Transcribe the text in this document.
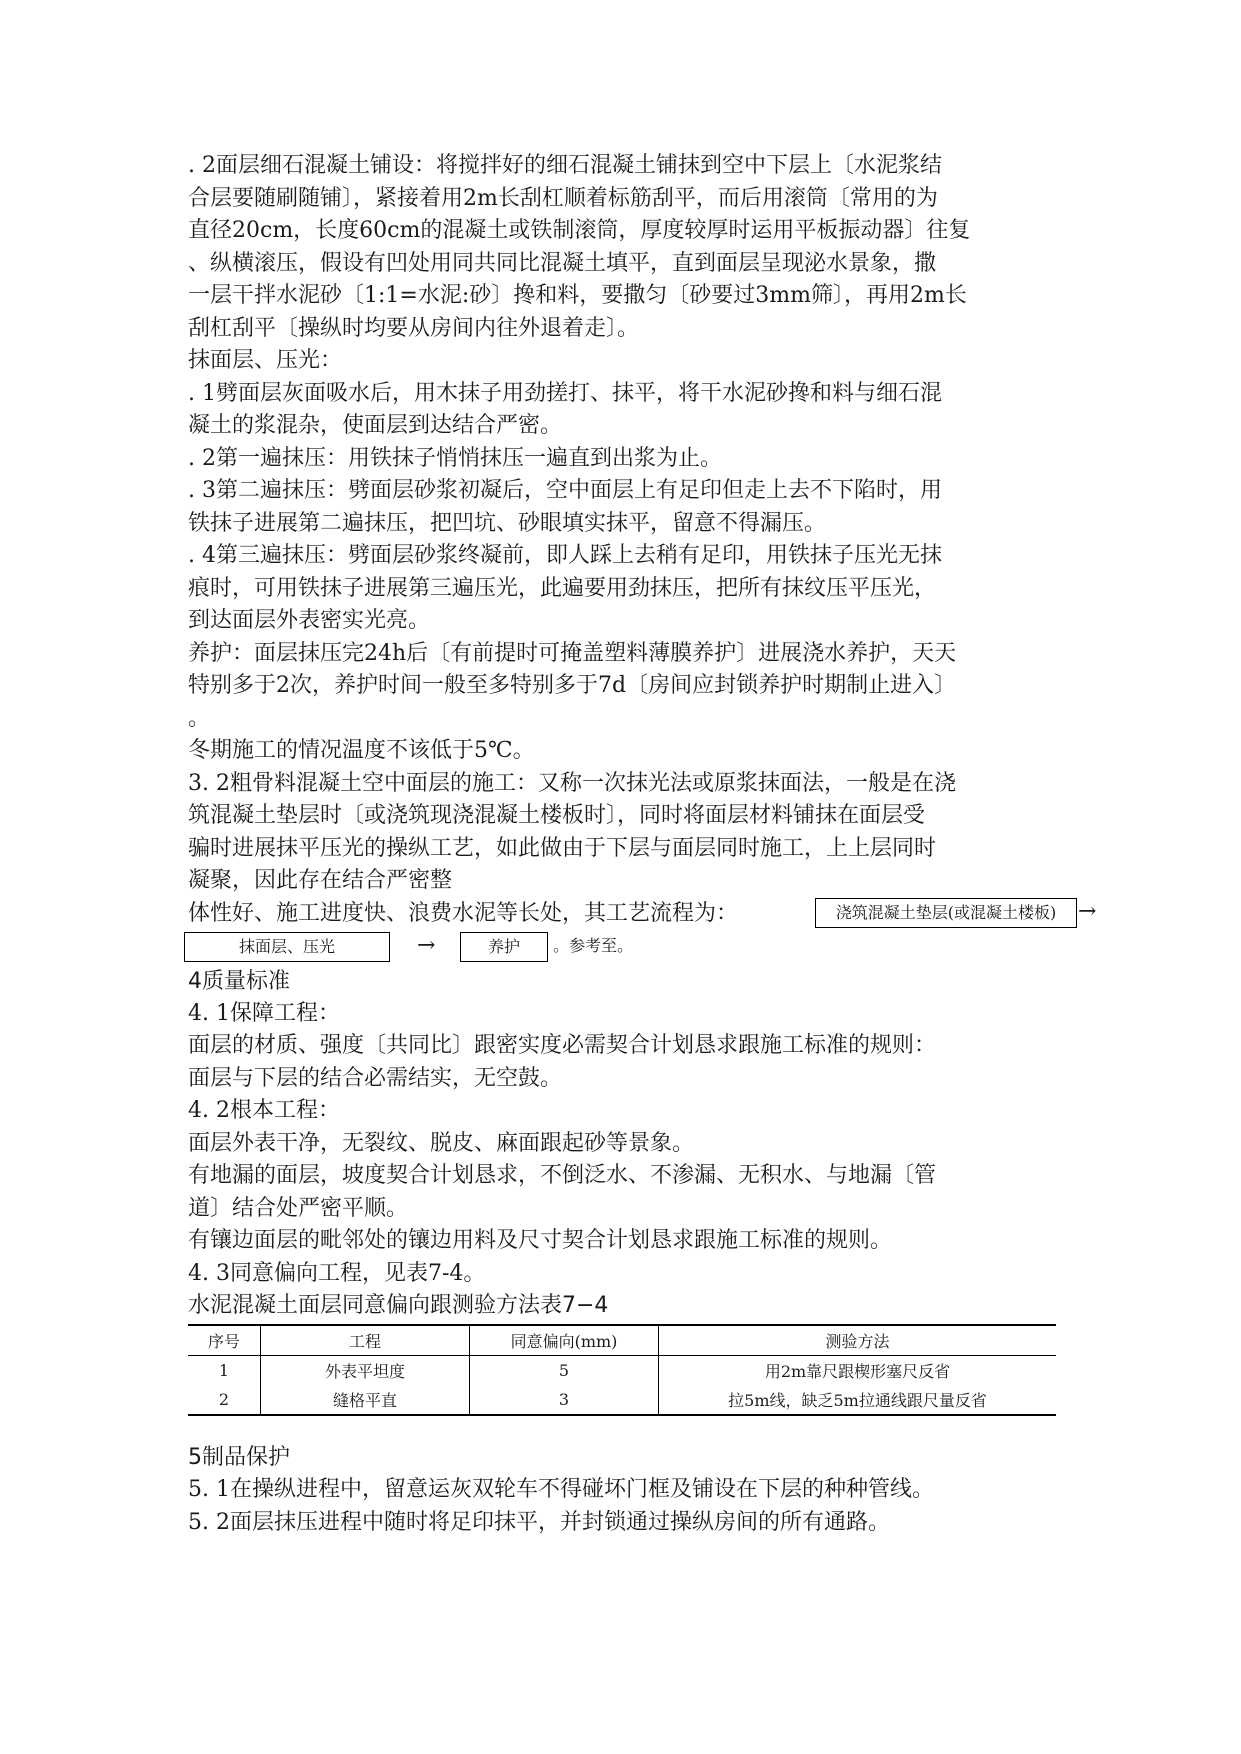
. 2面层细石混凝土铺设：将搅拌好的细石混凝土铺抹到空中下层上〔水泥浆结

合层要随刷随铺〕，紧接着用2m长刮杠顺着标筋刮平，而后用滚筒〔常用的为

直径20cm，长度60cm的混凝土或铁制滚筒，厚度较厚时运用平板振动器〕往复

、纵横滚压，假设有凹处用同共同比混凝土填平，直到面层呈现泌水景象，撒

一层干拌水泥砂〔1:1=水泥:砂〕搀和料，要撒匀〔砂要过3mm筛〕，再用2m长

刮杠刮平〔操纵时均要从房间内往外退着走〕。

抹面层、压光：

. 1劈面层灰面吸水后，用木抹子用劲搓打、抹平，将干水泥砂搀和料与细石混

凝土的浆混杂，使面层到达结合严密。

. 2第一遍抹压：用铁抹子悄悄抹压一遍直到出浆为止。

. 3第二遍抹压：劈面层砂浆初凝后，空中面层上有足印但走上去不下陷时，用

铁抹子进展第二遍抹压，把凹坑、砂眼填实抹平，留意不得漏压。

. 4第三遍抹压：劈面层砂浆终凝前，即人踩上去稍有足印，用铁抹子压光无抹

痕时，可用铁抹子进展第三遍压光，此遍要用劲抹压，把所有抹纹压平压光，

到达面层外表密实光亮。

养护：面层抹压完24h后〔有前提时可掩盖塑料薄膜养护〕进展浇水养护，天天

特别多于2次，养护时间一般至多特别多于7d〔房间应封锁养护时期制止进入〕

。

冬期施工的情况温度不该低于5℃。

3. 2粗骨料混凝土空中面层的施工：又称一次抹光法或原浆抹面法，一般是在浇

筑混凝土垫层时〔或浇筑现浇混凝土楼板时〕，同时将面层材料铺抹在面层受

骗时进展抹平压光的操纵工艺，如此做由于下层与面层同时施工，上上层同时

凝聚，因此存在结合严密整

体性好、施工进度快、浪费水泥等长处，其工艺流程为：	浇筑混凝土垫层(或混凝土楼板) →
抹面层、压光	→	养护	。参考至。

4质量标准

4. 1保障工程：

面层的材质、强度〔共同比〕跟密实度必需契合计划恳求跟施工标准的规则：

面层与下层的结合必需结实，无空鼓。

4. 2根本工程：

面层外表干净，无裂纹、脱皮、麻面跟起砂等景象。

有地漏的面层，坡度契合计划恳求，不倒泛水、不渗漏、无积水、与地漏〔管

道〕结合处严密平顺。

有镶边面层的毗邻处的镶边用料及尺寸契合计划恳求跟施工标准的规则。

4. 3同意偏向工程，见表7-4。

水泥混凝土面层同意偏向跟测验方法表7−4

序号	工程	同意偏向(mm)	测验方法
1	外表平坦度	5	用2m靠尺跟楔形塞尺反省
2	缝格平直	3	拉5m线，缺乏5m拉通线跟尺量反省

5制品保护

5. 1在操纵进程中，留意运灰双轮车不得碰坏门框及铺设在下层的种种管线。

5. 2面层抹压进程中随时将足印抹平，并封锁通过操纵房间的所有通路。
